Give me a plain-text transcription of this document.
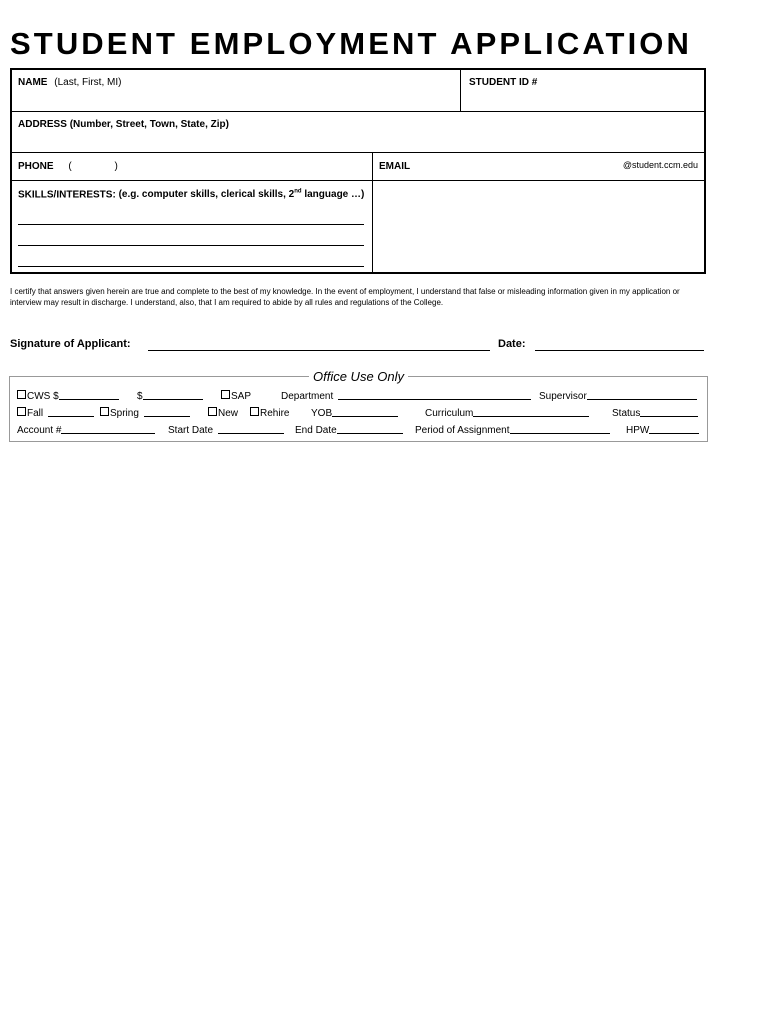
STUDENT EMPLOYMENT APPLICATION
NAME (Last, First, MI)	STUDENT ID #
ADDRESS (Number, Street, Town, State, Zip)
PHONE (	)	EMAIL	@student.ccm.edu
SKILLS/INTERESTS: (e.g. computer skills, clerical skills, 2nd language …)
I certify that answers given herein are true and complete to the best of my knowledge. In the event of employment, I understand that false or misleading information given in my application or interview may result in discharge. I understand, also, that I am required to abide by all rules and regulations of the College.
Signature of Applicant:	Date:
Office Use Only
CWS $	$	SAP	Department	Supervisor
Fall	Spring	New	Rehire YOB	Curriculum	Status
Account #	Start Date	End Date	Period of Assignment	HPW
